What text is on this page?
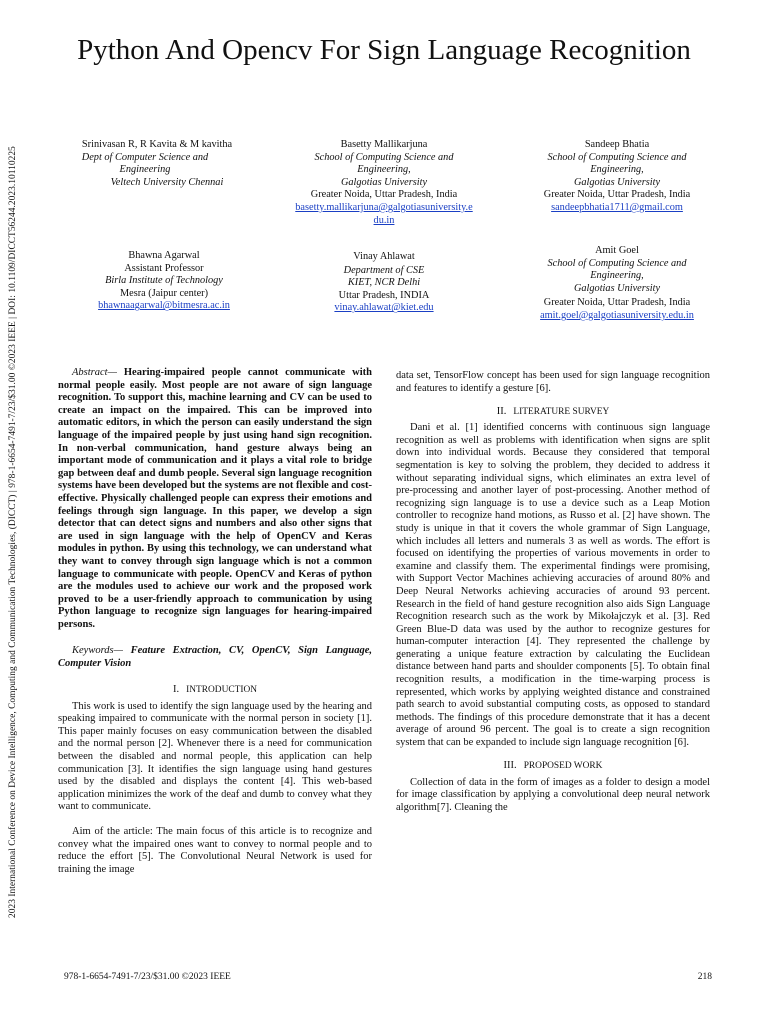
2023 International Conference on Device Intelligence, Computing and Communication Technologies, (DICCT) | 978-1-6654-7491-7/23/$31.00 ©2023 IEEE | DOI: 10.1109/DICCT56244.2023.10110225
Python And Opencv For Sign Language Recognition
Srinivasan R, R Kavita & M kavitha
Dept of Computer Science and Engineering
Veltech University Chennai
Basetty Mallikarjuna
School of Computing Science and Engineering,
Galgotias University
Greater Noida, Uttar Pradesh, India
basetty.mallikarjuna@galgotiasuniversity.edu.in
Sandeep Bhatia
School of Computing Science and Engineering,
Galgotias University
Greater Noida, Uttar Pradesh, India
sandeepbhatia1711@gmail.com
Bhawna Agarwal
Assistant Professor
Birla Institute of Technology
Mesra (Jaipur center)
bhawnaagarwal@bitmesra.ac.in
Vinay Ahlawat
Department of CSE
KIET, NCR Delhi
Uttar Pradesh, INDIA
vinay.ahlawat@kiet.edu
Amit Goel
School of Computing Science and Engineering,
Galgotias University
Greater Noida, Uttar Pradesh, India
amit.goel@galgotiasuniversity.edu.in

Abstract— Hearing-impaired people cannot communicate with normal people easily. Most people are not aware of sign language recognition. To support this, machine learning and CV can be used to create an impact on the impaired. This can be improved into automatic editors, in which the person can easily understand the sign language of the impaired people by just using hand sign recognition. In non-verbal communication, hand gesture always being an important mode of communication and it plays a vital role to bridge gap between deaf and dumb people. Several sign language recognition systems have been developed but the systems are not flexible and cost-effective. Physically challenged people can express their emotions and feelings through sign language. In this paper, we develop a sign detector that can detect signs and numbers and also other signs that are used in sign language with the help of OpenCV and Keras modules in python. By using this technology, we can understand what they want to convey through sign language which is not a common language to communicate with people. OpenCV and Keras of python are the modules used to achieve our work and the proposed work proved to be a user-friendly approach to communication by using Python language to recognize sign languages for hearing-impaired persons.

Keywords— Feature Extraction, CV, OpenCV, Sign Language, Computer Vision

I. INTRODUCTION

This work is used to identify the sign language used by the hearing and speaking impaired to communicate with the normal person in society [1]. This paper mainly focuses on easy communication between the disabled and the normal person [2]. Whenever there is a need for communication between the disabled and normal people, this application can help communication [3]. It identifies the sign language using hand gestures used by the disabled and displays the content [4]. This web-based application minimizes the work of the deaf and dumb to convey what they want to communicate.

Aim of the article: The main focus of this article is to recognize and convey what the impaired ones want to convey to normal people and to reduce the effort [5]. The Convolutional Neural Network is used for training the image

data set, TensorFlow concept has been used for sign language recognition and features to identify a gesture [6].

II. LITERATURE SURVEY

Dani et al. [1] identified concerns with continuous sign language recognition as well as problems with identification when signs are split down into individual words. Because they considered that temporal segmentation is key to solving the problem, they decided to address it without separating individual signs, which eliminates an extra level of pre-processing and another layer of post-processing. Another method of recognizing sign language is to use a device such as a Leap Motion controller to recognize hand motions, as Russo et al. [2] have shown. The study is unique in that it covers the whole grammar of Sign Language, which includes all letters and numerals 3 as well as words. The effort is focused on identifying the properties of various movements in order to examine and classify them. The experimental findings were promising, with Support Vector Machines achieving accuracies of around 80% and Deep Neural Networks achieving accuracies of around 93 percent. Research in the field of hand gesture recognition also aids Sign Language Recognition research such as the work by Mikołajczyk et al. [3]. Red Green Blue-D data was used by the author to recognize gestures for human-computer interaction [4]. They represented the challenge by generating a unique feature extraction by calculating the Euclidean distance between hand parts and shoulder components [5]. To obtain final recognition results, a modification in the time-warping process is represented, which works by applying weighted distance and constrained path search to avoid substantial computing costs, as opposed to standard methods. The findings of this procedure demonstrate that it has a decent average of around 96 percent. The goal is to create a sign recognition system that can be expanded to include sign language recognition [6].

III. PROPOSED WORK

Collection of data in the form of images as a folder to design a model for image classification by applying a convolutional deep neural network algorithm[7]. Cleaning the

978-1-6654-7491-7/23/$31.00 ©2023 IEEE	218
